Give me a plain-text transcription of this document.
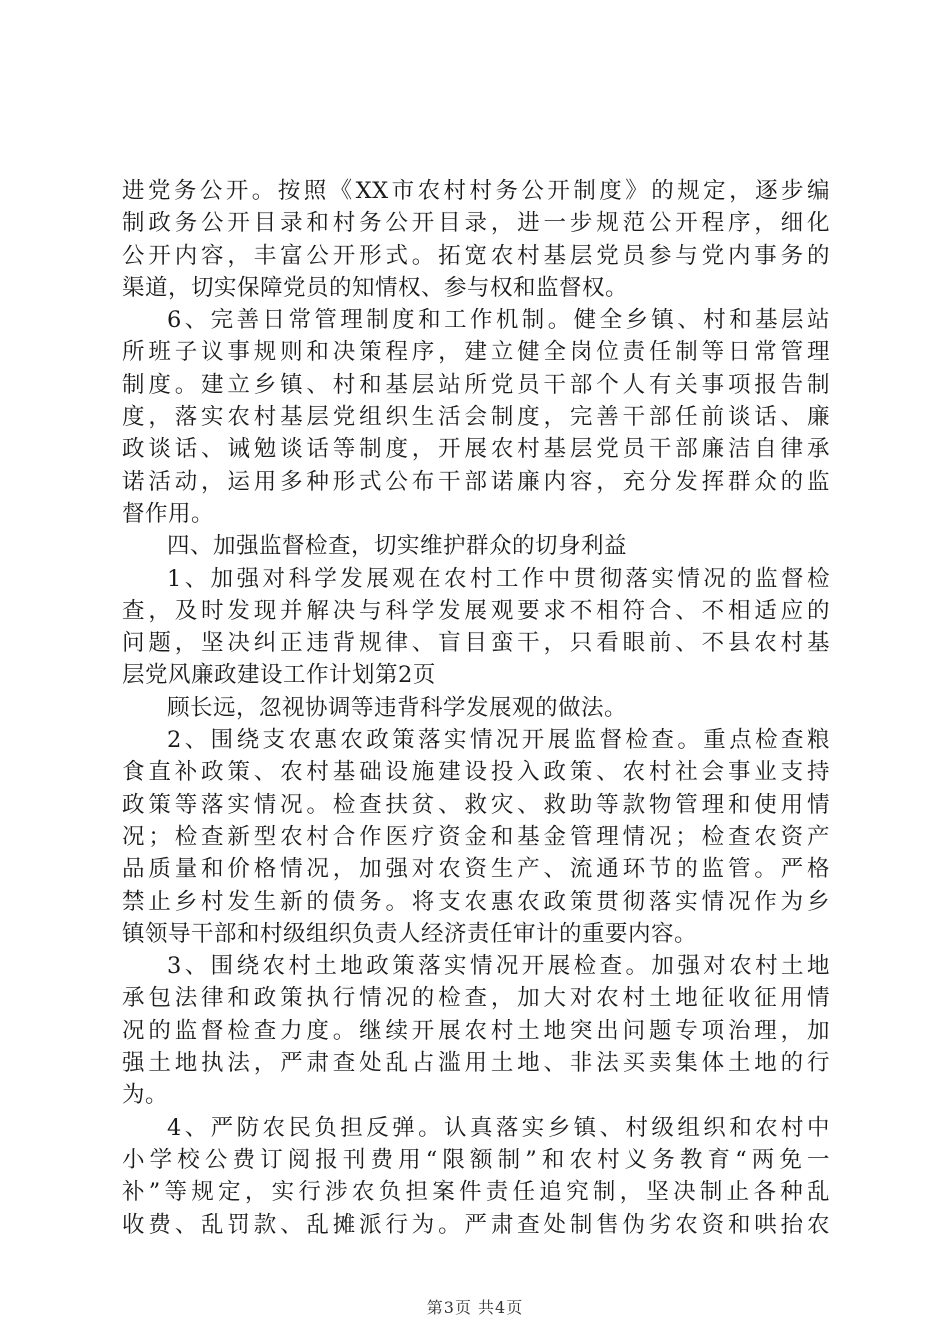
进党务公开。按照《XX市农村村务公开制度》的规定，逐步编
制政务公开目录和村务公开目录，进一步规范公开程序，细化
公开内容，丰富公开形式。拓宽农村基层党员参与党内事务的
渠道，切实保障党员的知情权、参与权和监督权。
6、完善日常管理制度和工作机制。健全乡镇、村和基层站
所班子议事规则和决策程序，建立健全岗位责任制等日常管理
制度。建立乡镇、村和基层站所党员干部个人有关事项报告制
度，落实农村基层党组织生活会制度，完善干部任前谈话、廉
政谈话、诫勉谈话等制度，开展农村基层党员干部廉洁自律承
诺活动，运用多种形式公布干部诺廉内容，充分发挥群众的监
督作用。
四、加强监督检查，切实维护群众的切身利益
1、加强对科学发展观在农村工作中贯彻落实情况的监督检
查，及时发现并解决与科学发展观要求不相符合、不相适应的
问题，坚决纠正违背规律、盲目蛮干，只看眼前、不县农村基
层党风廉政建设工作计划第2页
顾长远，忽视协调等违背科学发展观的做法。
2、围绕支农惠农政策落实情况开展监督检查。重点检查粮
食直补政策、农村基础设施建设投入政策、农村社会事业支持
政策等落实情况。检查扶贫、救灾、救助等款物管理和使用情
况；检查新型农村合作医疗资金和基金管理情况；检查农资产
品质量和价格情况，加强对农资生产、流通环节的监管。严格
禁止乡村发生新的债务。将支农惠农政策贯彻落实情况作为乡
镇领导干部和村级组织负责人经济责任审计的重要内容。
3、围绕农村土地政策落实情况开展检查。加强对农村土地
承包法律和政策执行情况的检查，加大对农村土地征收征用情
况的监督检查力度。继续开展农村土地突出问题专项治理，加
强土地执法，严肃查处乱占滥用土地、非法买卖集体土地的行
为。
4、严防农民负担反弹。认真落实乡镇、村级组织和农村中
小学校公费订阅报刊费用“限额制”和农村义务教育“两免一
补”等规定，实行涉农负担案件责任追究制，坚决制止各种乱
收费、乱罚款、乱摊派行为。严肃查处制售伪劣农资和哄抬农
第3页 共4页
